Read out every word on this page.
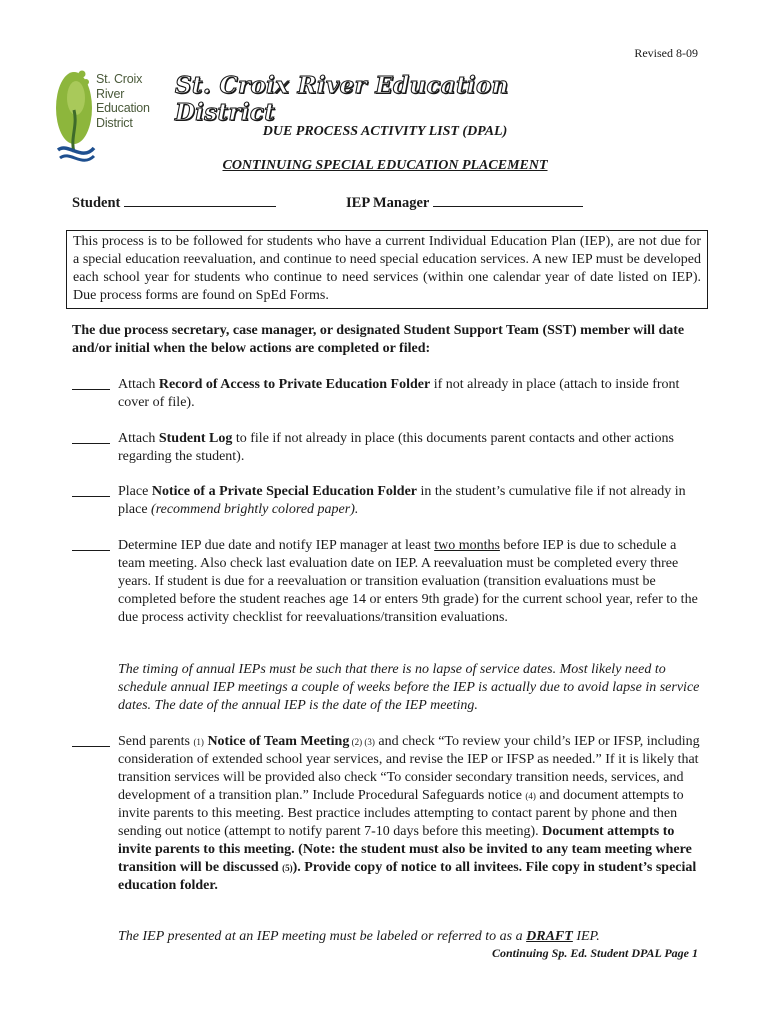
Revised 8-09
St. Croix
River
Education
District
St. Croix River Education District
DUE PROCESS ACTIVITY LIST (DPAL)
CONTINUING SPECIAL EDUCATION PLACEMENT
Student	IEP Manager
This process is to be followed for students who have a current Individual Education Plan (IEP), are not due for a special education reevaluation, and continue to need special education services. A new IEP must be developed each school year for students who continue to need services (within one calendar year of date listed on IEP). Due process forms are found on SpEd Forms.
The due process secretary, case manager, or designated Student Support Team (SST) member will date and/or initial when the below actions are completed or filed:
Attach Record of Access to Private Education Folder if not already in place (attach to inside front cover of file).
Attach Student Log to file if not already in place (this documents parent contacts and other actions regarding the student).
Place Notice of a Private Special Education Folder in the student’s cumulative file if not already in place (recommend brightly colored paper).
Determine IEP due date and notify IEP manager at least two months before IEP is due to schedule a team meeting. Also check last evaluation date on IEP. A reevaluation must be completed every three years. If student is due for a reevaluation or transition evaluation (transition evaluations must be completed before the student reaches age 14 or enters 9th grade) for the current school year, refer to the due process activity checklist for reevaluations/transition evaluations.
The timing of annual IEPs must be such that there is no lapse of service dates. Most likely need to schedule annual IEP meetings a couple of weeks before the IEP is actually due to avoid lapse in service dates. The date of the annual IEP is the date of the IEP meeting.
Send parents (1) Notice of Team Meeting (2) (3) and check “To review your child’s IEP or IFSP, including consideration of extended school year services, and revise the IEP or IFSP as needed.” If it is likely that transition services will be provided also check “To consider secondary transition needs, services, and development of a transition plan.” Include Procedural Safeguards notice (4) and document attempts to invite parents to this meeting. Best practice includes attempting to contact parent by phone and then sending out notice (attempt to notify parent 7-10 days before this meeting). Document attempts to invite parents to this meeting. (Note: the student must also be invited to any team meeting where transition will be discussed (5)). Provide copy of notice to all invitees. File copy in student’s special education folder.
The IEP presented at an IEP meeting must be labeled or referred to as a DRAFT IEP.
Continuing Sp. Ed. Student DPAL Page 1
